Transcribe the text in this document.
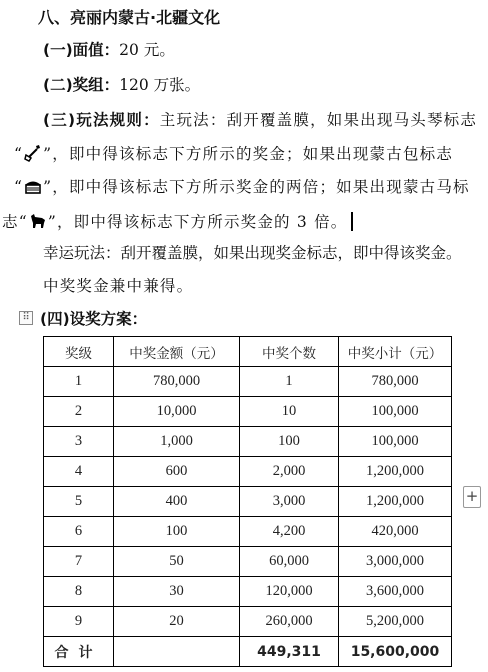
八、亮丽内蒙古·北疆文化
(一)面值：20 元。
(二)奖组：120 万张。
(三)玩法规则：主玩法：刮开覆盖膜，如果出现马头琴标志
“ ”，即中得该标志下方所示的奖金；如果出现蒙古包标志
“ ”，即中得该标志下方所示奖金的两倍；如果出现蒙古马标
志“ ”，即中得该标志下方所示奖金的 3 倍。
幸运玩法：刮开覆盖膜，如果出现奖金标志，即中得该奖金。
中奖奖金兼中兼得。
⠿ (四)设奖方案：
奖级	中奖金额（元）	中奖个数	中奖小计（元）
1	780,000	1	780,000
2	10,000	10	100,000
3	1,000	100	100,000
4	600	2,000	1,200,000
5	400	3,000	1,200,000
6	100	4,200	420,000
7	50	60,000	3,000,000
8	30	120,000	3,600,000
9	20	260,000	5,200,000
合计		449,311	15,600,000
+
